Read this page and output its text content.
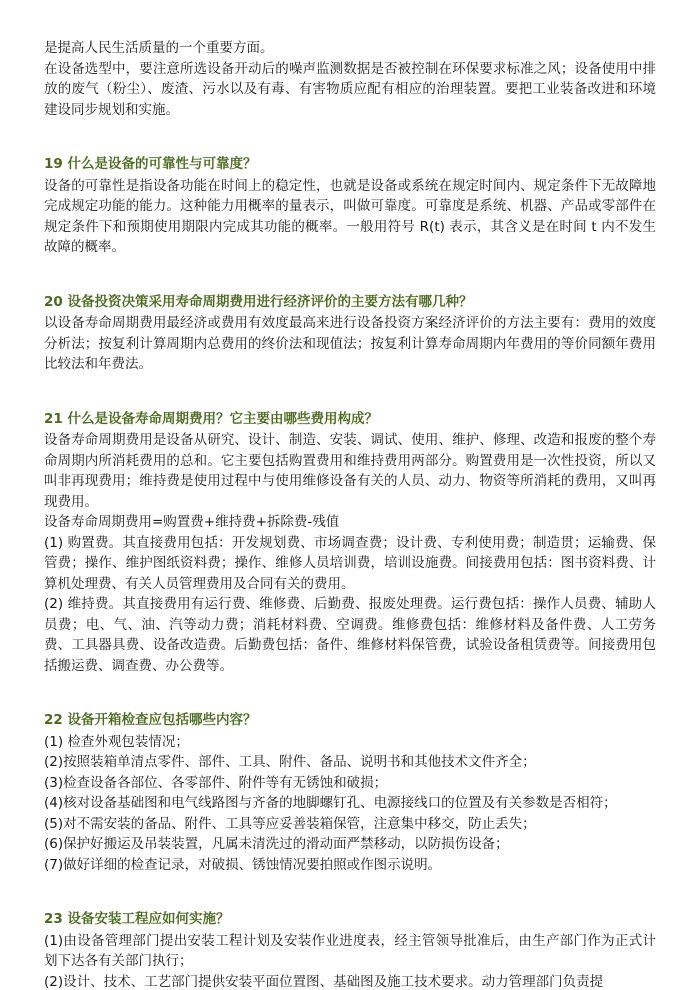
是提高人民生活质量的一个重要方面。

在设备选型中，要注意所选设备开动后的噪声监测数据是否被控制在环保要求标准之风；设备使用中排放的废气（粉尘）、废渣、污水以及有毒、有害物质应配有相应的治理装置。要把工业装备改进和环境建设同步规划和实施。

19 什么是设备的可靠性与可靠度？

设备的可靠性是指设备功能在时间上的稳定性，也就是设备或系统在规定时间内、规定条件下无故障地完成规定功能的能力。这种能力用概率的量表示，叫做可靠度。可靠度是系统、机器、产品或零部件在规定条件下和预期使用期限内完成其功能的概率。一般用符号 R(t) 表示，其含义是在时间 t 内不发生故障的概率。

20 设备投资决策采用寿命周期费用进行经济评价的主要方法有哪几种？

以设备寿命周期费用最经济或费用有效度最高来进行设备投资方案经济评价的方法主要有：费用的效度分析法；按复利计算周期内总费用的终价法和现值法；按复利计算寿命周期内年费用的等价同额年费用比较法和年费法。

21 什么是设备寿命周期费用？它主要由哪些费用构成？

设备寿命周期费用是设备从研究、设计、制造、安装、调试、使用、维护、修理、改造和报废的整个寿命周期内所消耗费用的总和。它主要包括购置费用和维持费用两部分。购置费用是一次性投资，所以又叫非再现费用；维持费是使用过程中与使用维修设备有关的人员、动力、物资等所消耗的费用，又叫再现费用。

设备寿命周期费用=购置费+维持费+拆除费-残值

(1) 购置费。其直接费用包括：开发规划费、市场调查费；设计费、专利使用费；制造贯；运输费、保管费；操作、维护图纸资料费；操作、维修人员培训费，培训设施费。间接费用包括：图书资料费、计算机处理费、有关人员管理费用及合同有关的费用。

(2) 维持费。其直接费用有运行费、维修费、后勤费、报废处理费。运行费包括：操作人员费、辅助人员费；电、气、油、汽等动力费；消耗材料费、空调费。维修费包括：维修材料及备件费、人工劳务费、工具器具费、设备改造费。后勤费包括：备件、维修材料保管费，试验设备租赁费等。间接费用包括搬运费、调查费、办公费等。

22 设备开箱检查应包括哪些内容？

(1) 检查外观包装情况；

(2)按照装箱单清点零件、部件、工具、附件、备品、说明书和其他技术文件齐全；

(3)检查设备各部位、各零部件、附件等有无锈蚀和破损；

(4)核对设备基础图和电气线路图与齐备的地脚螺钉孔、电源接线口的位置及有关参数是否相符；

(5)对不需安装的备品、附件、工具等应妥善装箱保管，注意集中移交，防止丢失；

(6)保护好搬运及吊装装置，凡属未清洗过的滑动面严禁移动，以防损伤设备；

(7)做好详细的检查记录，对破损、锈蚀情况要拍照或作图示说明。

23 设备安装工程应如何实施？

(1)由设备管理部门提出安装工程计划及安装作业进度表，经主管领导批准后，由生产部门作为正式计划下达各有关部门执行；

(2)设计、技术、工艺部门提供安装平面位置图、基础图及施工技术要求。动力管理部门负责提
